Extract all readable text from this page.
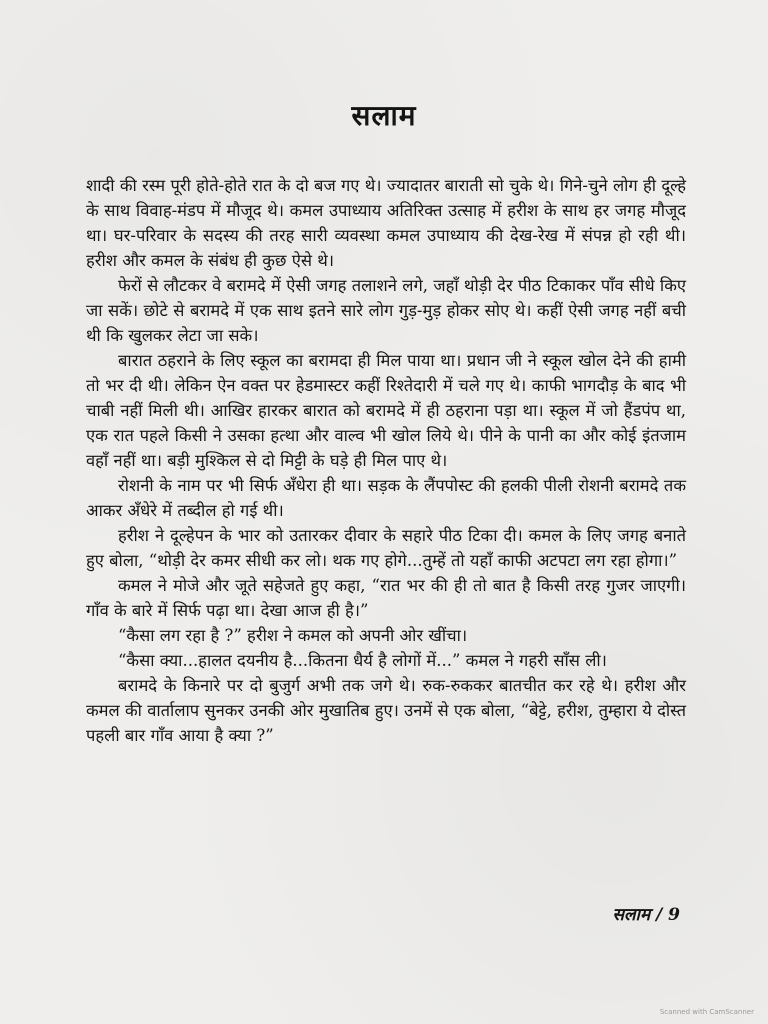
सलाम

शादी की रस्म पूरी होते-होते रात के दो बज गए थे। ज्यादातर बाराती सो चुके थे। गिने-चुने लोग ही दूल्हे के साथ विवाह-मंडप में मौजूद थे। कमल उपाध्याय अतिरिक्त उत्साह में हरीश के साथ हर जगह मौजूद था। घर-परिवार के सदस्य की तरह सारी व्यवस्था कमल उपाध्याय की देख-रेख में संपन्न हो रही थी। हरीश और कमल के संबंध ही कुछ ऐसे थे।

फेरों से लौटकर वे बरामदे में ऐसी जगह तलाशने लगे, जहाँ थोड़ी देर पीठ टिकाकर पाँव सीधे किए जा सकें। छोटे से बरामदे में एक साथ इतने सारे लोग गुड़-मुड़ होकर सोए थे। कहीं ऐसी जगह नहीं बची थी कि खुलकर लेटा जा सके।

बारात ठहराने के लिए स्कूल का बरामदा ही मिल पाया था। प्रधान जी ने स्कूल खोल देने की हामी तो भर दी थी। लेकिन ऐन वक्त पर हेडमास्टर कहीं रिश्तेदारी में चले गए थे। काफी भागदौड़ के बाद भी चाबी नहीं मिली थी। आखिर हारकर बारात को बरामदे में ही ठहराना पड़ा था। स्कूल में जो हैंडपंप था, एक रात पहले किसी ने उसका हत्था और वाल्व भी खोल लिये थे। पीने के पानी का और कोई इंतजाम वहाँ नहीं था। बड़ी मुश्किल से दो मिट्टी के घड़े ही मिल पाए थे।

रोशनी के नाम पर भी सिर्फ अँधेरा ही था। सड़क के लैंपपोस्ट की हलकी पीली रोशनी बरामदे तक आकर अँधेरे में तब्दील हो गई थी।

हरीश ने दूल्हेपन के भार को उतारकर दीवार के सहारे पीठ टिका दी। कमल के लिए जगह बनाते हुए बोला, “थोड़ी देर कमर सीधी कर लो। थक गए होगे...तुम्हें तो यहाँ काफी अटपटा लग रहा होगा।”

कमल ने मोजे और जूते सहेजते हुए कहा, “रात भर की ही तो बात है किसी तरह गुजर जाएगी। गाँव के बारे में सिर्फ पढ़ा था। देखा आज ही है।”

“कैसा लग रहा है ?” हरीश ने कमल को अपनी ओर खींचा।

“कैसा क्या...हालत दयनीय है...कितना धैर्य है लोगों में...” कमल ने गहरी साँस ली।

बरामदे के किनारे पर दो बुजुर्ग अभी तक जगे थे। रुक-रुककर बातचीत कर रहे थे। हरीश और कमल की वार्तालाप सुनकर उनकी ओर मुखातिब हुए। उनमें से एक बोला, “बेट्टे, हरीश, तुम्हारा ये दोस्त पहली बार गाँव आया है क्या ?”

सलाम / 9
Scanned with CamScanner
